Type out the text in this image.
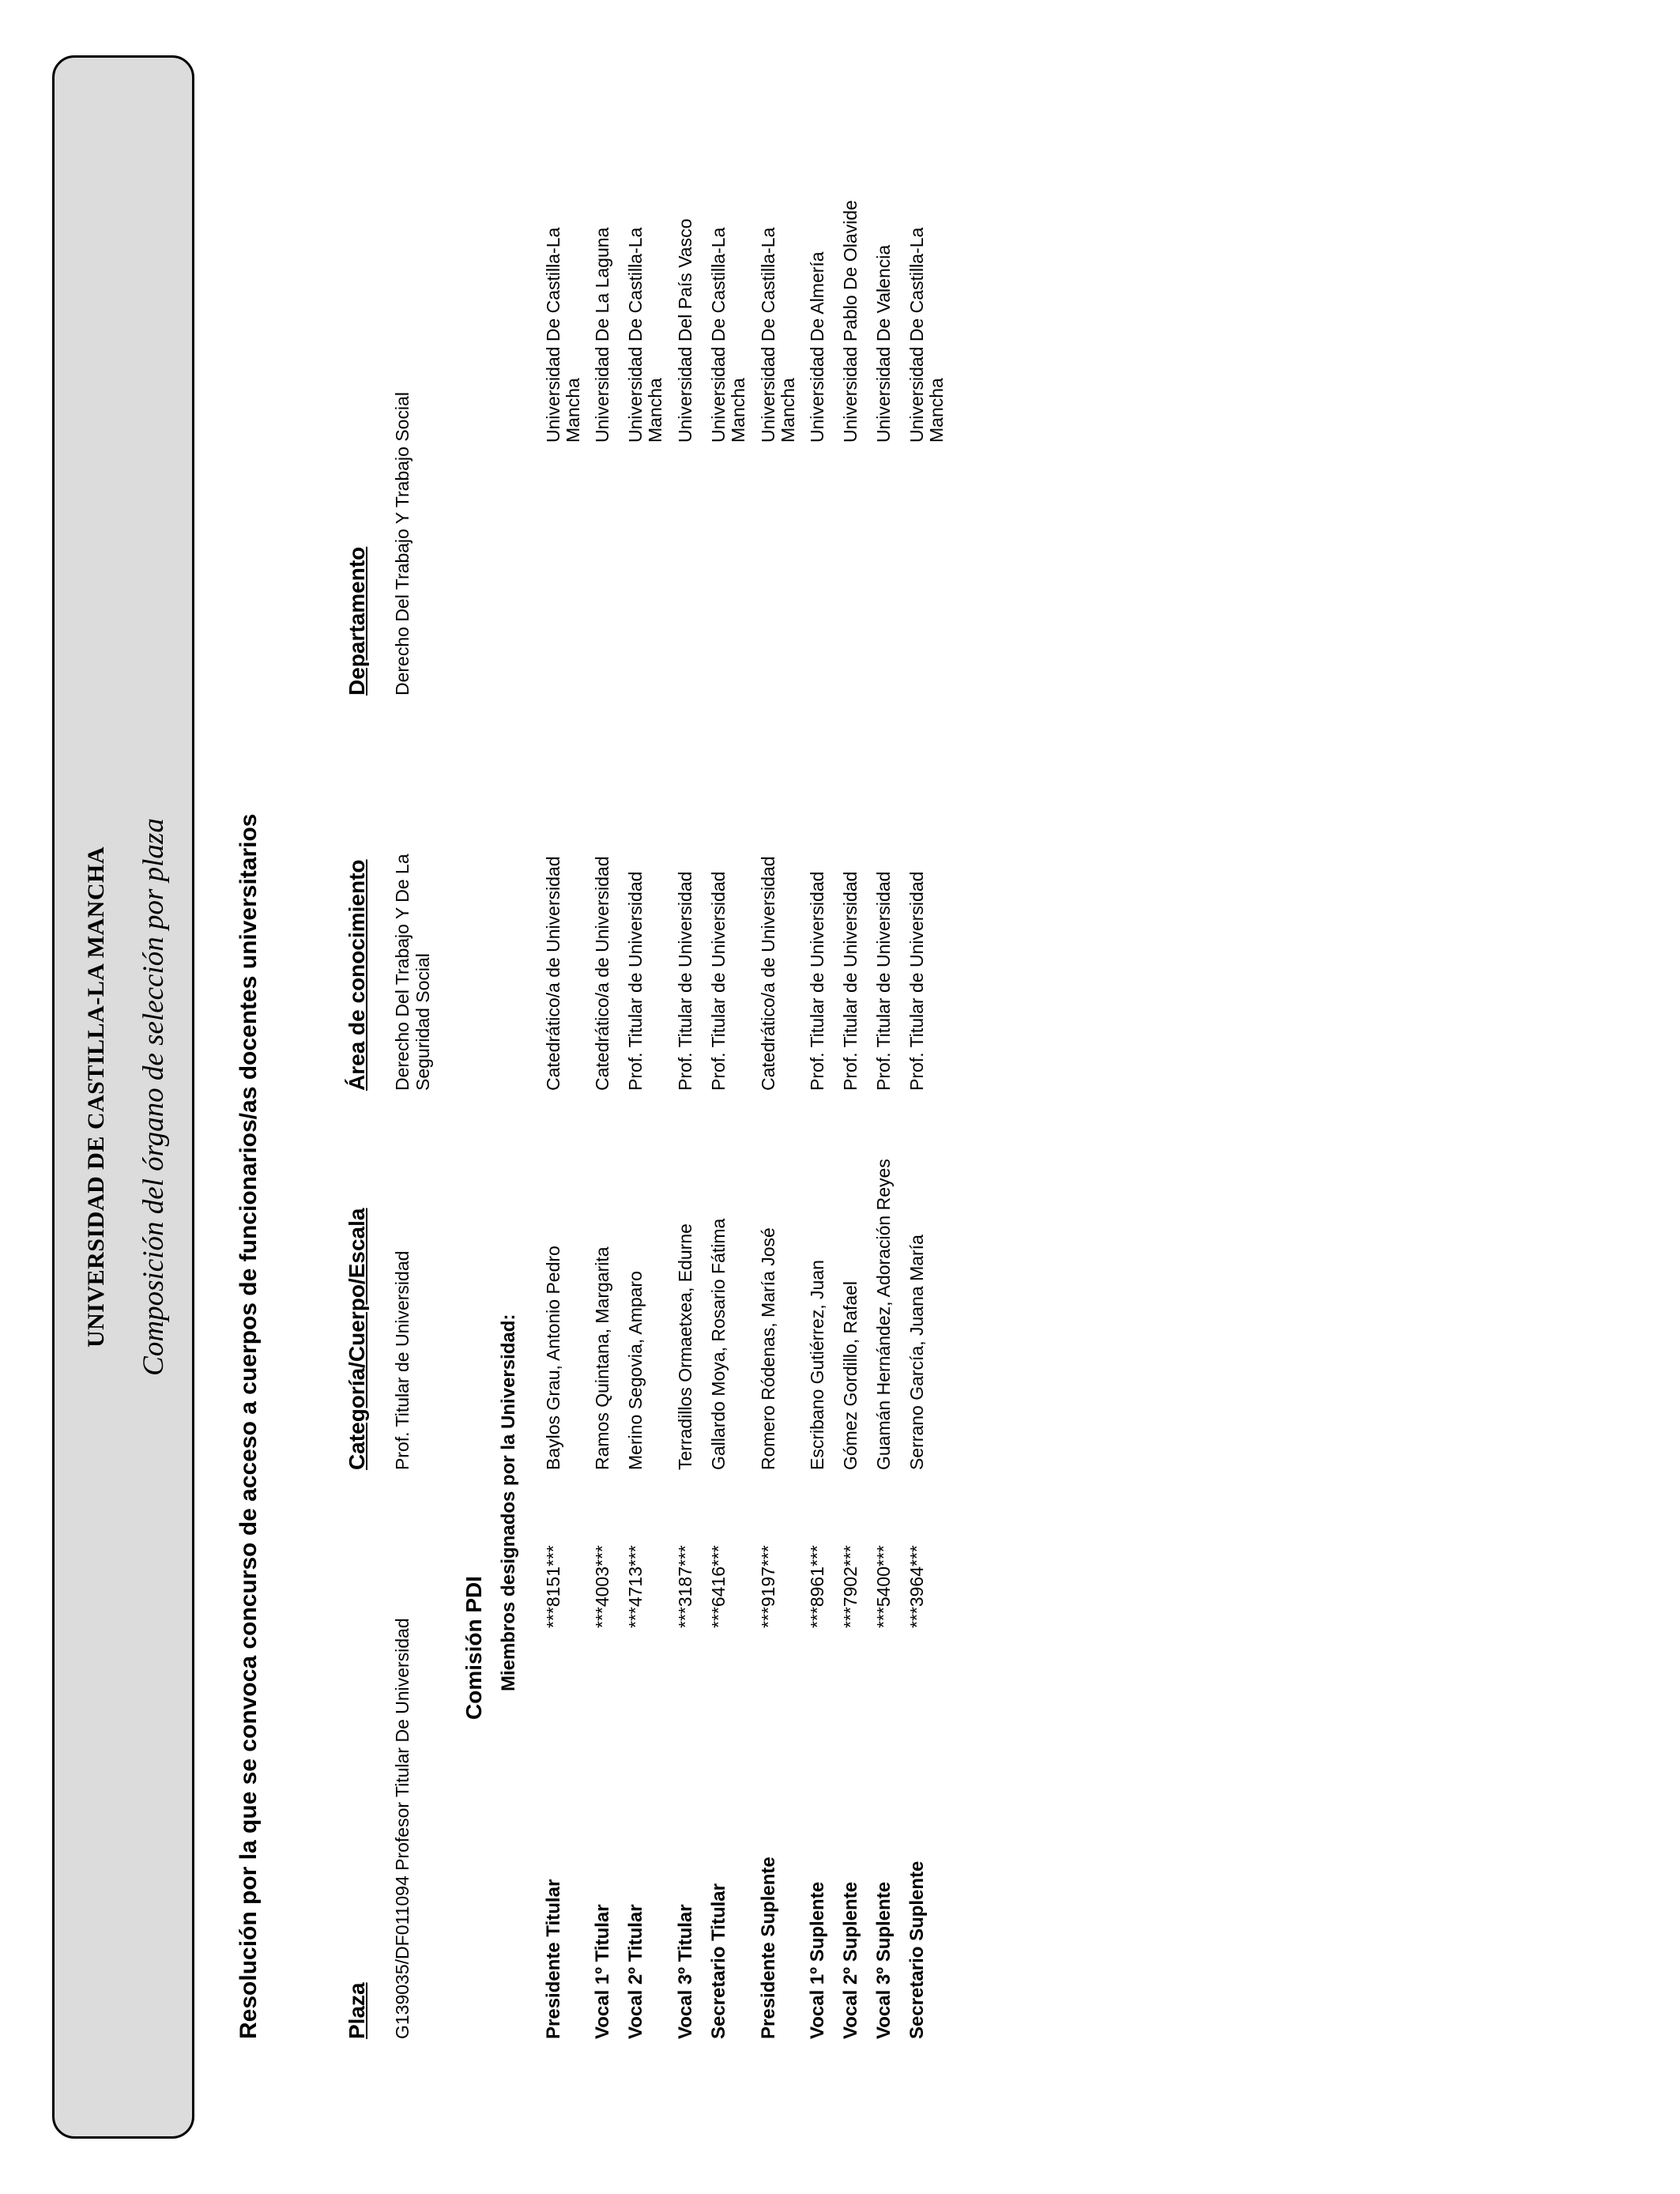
UNIVERSIDAD DE CASTILLA-LA MANCHA Composición del órgano de selección por plaza	Resolución por la que se convoca concurso de acceso a cuerpos de funcionarios/as docentes universitarios	Plaza
Categoría/Cuerpo/Escala
Área de conocimiento
Departamento
G139035/DF011094 Profesor Titular De Universidad
Prof. Titular de Universidad
Derecho Del Trabajo Y De La Seguridad Social
Derecho Del Trabajo Y Trabajo Social
Comisión PDI Miembros designados por la Universidad:
Presidente Titular
***8151***
Baylos Grau, Antonio Pedro
Catedrático/a de Universidad
Universidad De Castilla-La Mancha
Vocal 1º Titular
***4003***
Ramos Quintana, Margarita
Catedrático/a de Universidad
Universidad De La Laguna
Vocal 2º Titular
***4713***
Merino Segovia, Amparo
Prof. Titular de Universidad
Universidad De Castilla-La Mancha
Vocal 3º Titular
***3187***
Terradillos Ormaetxea, Edurne
Prof. Titular de Universidad
Universidad Del País Vasco
Secretario Titular
***6416***
Gallardo Moya, Rosario Fátima
Prof. Titular de Universidad
Universidad De Castilla-La Mancha
Presidente Suplente
***9197***
Romero Ródenas, María José
Catedrático/a de Universidad
Universidad De Castilla-La Mancha
Vocal 1º Suplente
***8961***
Escribano Gutiérrez, Juan
Prof. Titular de Universidad
Universidad De Almería
Vocal 2º Suplente
***7902***
Gómez Gordillo, Rafael
Prof. Titular de Universidad
Universidad Pablo De Olavide
Vocal 3º Suplente
***5400***
Guamán Hernández, Adoración Reyes
Prof. Titular de Universidad
Universidad De Valencia
Secretario Suplente
***3964***
Serrano García, Juana María
Prof. Titular de Universidad
Universidad De Castilla-La Mancha
